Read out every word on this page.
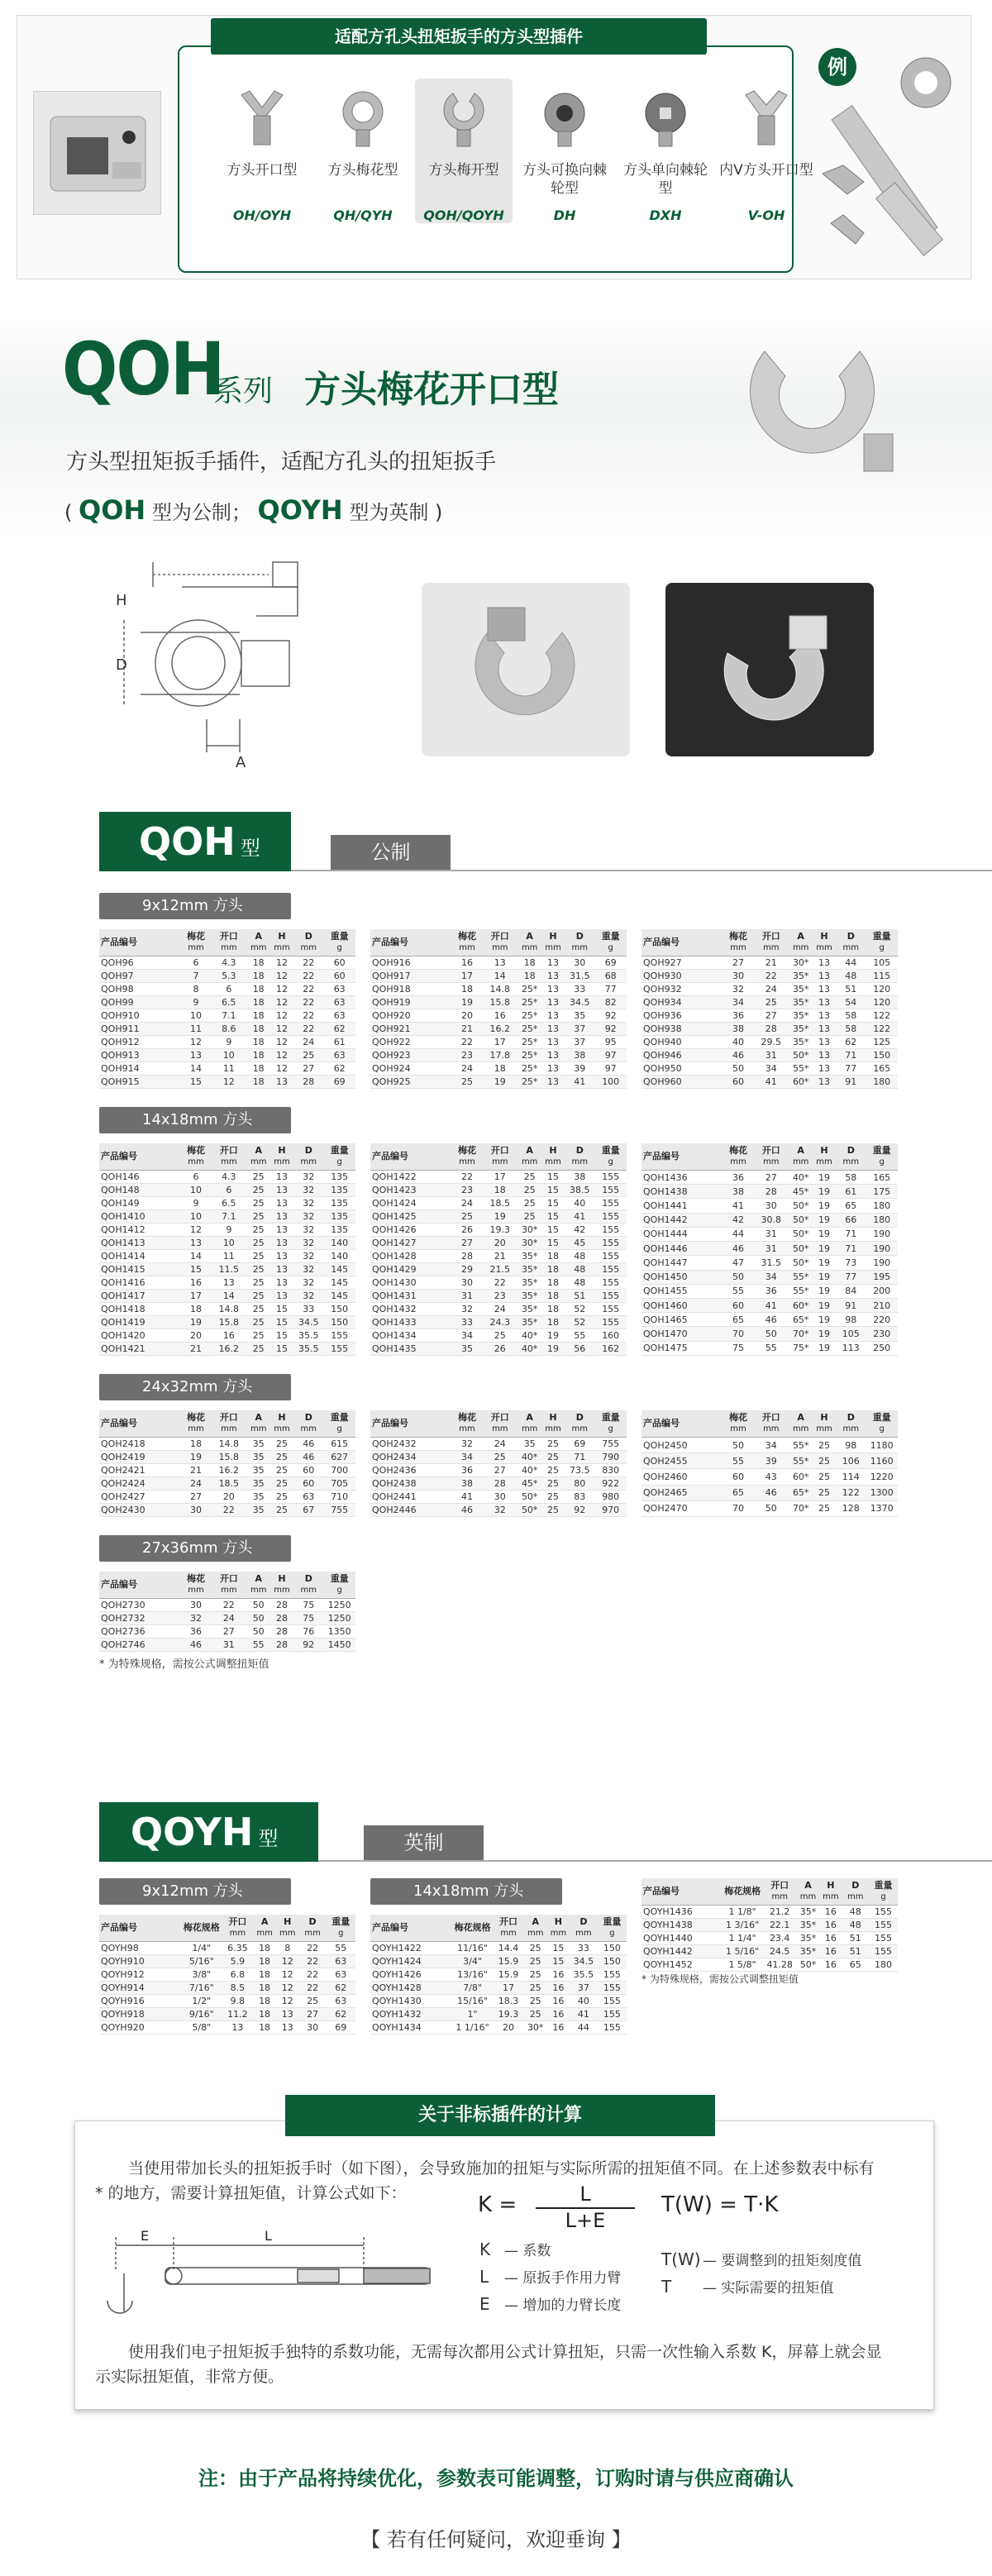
适配方孔头扭矩扳手的方头型插件
方头开口型
OH/OYH
方头梅花型
QH/QYH
方头梅开型
QOH/QOYH
方头可换向棘轮型
DH
方头单向棘轮型
DXH
内V方头开口型
V-OH
例
QOH
系列 方头梅花开口型
方头型扭矩扳手插件，适配方孔头的扭矩扳手
( QOH 型为公制； QOYH 型为英制 )
H
D
A
QOH 型	公制
9x12mm 方头
产品编号	梅花
mm	开口
mm	A
mm	H
mm	D
mm	重量
g

QOH96	6	4.3	18	12	22	60
QOH97	7	5.3	18	12	22	60
QOH98	8	6	18	12	22	63
QOH99	9	6.5	18	12	22	63
QOH910	10	7.1	18	12	22	63
QOH911	11	8.6	18	12	22	62
QOH912	12	9	18	12	24	61
QOH913	13	10	18	12	25	63
QOH914	14	11	18	12	27	62
QOH915	15	12	18	13	28	69
产品编号	梅花
mm	开口
mm	A
mm	H
mm	D
mm	重量
g

QOH916	16	13	18	13	30	69
QOH917	17	14	18	13	31.5	68
QOH918	18	14.8	25*	13	33	77
QOH919	19	15.8	25*	13	34.5	82
QOH920	20	16	25*	13	35	92
QOH921	21	16.2	25*	13	37	92
QOH922	22	17	25*	13	37	95
QOH923	23	17.8	25*	13	38	97
QOH924	24	18	25*	13	39	97
QOH925	25	19	25*	13	41	100
产品编号	梅花
mm	开口
mm	A
mm	H
mm	D
mm	重量
g

QOH927	27	21	30*	13	44	105
QOH930	30	22	35*	13	48	115
QOH932	32	24	35*	13	51	120
QOH934	34	25	35*	13	54	120
QOH936	36	27	35*	13	58	122
QOH938	38	28	35*	13	58	122
QOH940	40	29.5	35*	13	62	125
QOH946	46	31	50*	13	71	150
QOH950	50	34	55*	13	77	165
QOH960	60	41	60*	13	91	180
14x18mm 方头
产品编号	梅花
mm	开口
mm	A
mm	H
mm	D
mm	重量
g

QOH146	6	4.3	25	13	32	135
QOH148	10	6	25	13	32	135
QOH149	9	6.5	25	13	32	135
QOH1410	10	7.1	25	13	32	135
QOH1412	12	9	25	13	32	135
QOH1413	13	10	25	13	32	140
QOH1414	14	11	25	13	32	140
QOH1415	15	11.5	25	13	32	145
QOH1416	16	13	25	13	32	145
QOH1417	17	14	25	13	32	145
QOH1418	18	14.8	25	15	33	150
QOH1419	19	15.8	25	15	34.5	150
QOH1420	20	16	25	15	35.5	155
QOH1421	21	16.2	25	15	35.5	155
产品编号	梅花
mm	开口
mm	A
mm	H
mm	D
mm	重量
g

QOH1422	22	17	25	15	38	155
QOH1423	23	18	25	15	38.5	155
QOH1424	24	18.5	25	15	40	155
QOH1425	25	19	25	15	41	155
QOH1426	26	19.3	30*	15	42	155
QOH1427	27	20	30*	15	45	155
QOH1428	28	21	35*	18	48	155
QOH1429	29	21.5	35*	18	48	155
QOH1430	30	22	35*	18	48	155
QOH1431	31	23	35*	18	51	155
QOH1432	32	24	35*	18	52	155
QOH1433	33	24.3	35*	18	52	155
QOH1434	34	25	40*	19	55	160
QOH1435	35	26	40*	19	56	162
产品编号	梅花
mm	开口
mm	A
mm	H
mm	D
mm	重量
g

QOH1436	36	27	40*	19	58	165
QOH1438	38	28	45*	19	61	175
QOH1441	41	30	50*	19	65	180
QOH1442	42	30.8	50*	19	66	180
QOH1444	44	31	50*	19	71	190
QOH1446	46	31	50*	19	71	190
QOH1447	47	31.5	50*	19	73	190
QOH1450	50	34	55*	19	77	195
QOH1455	55	36	55*	19	84	200
QOH1460	60	41	60*	19	91	210
QOH1465	65	46	65*	19	98	220
QOH1470	70	50	70*	19	105	230
QOH1475	75	55	75*	19	113	250
24x32mm 方头
产品编号	梅花
mm	开口
mm	A
mm	H
mm	D
mm	重量
g

QOH2418	18	14.8	35	25	46	615
QOH2419	19	15.8	35	25	46	627
QOH2421	21	16.2	35	25	60	700
QOH2424	24	18.5	35	25	60	705
QOH2427	27	20	35	25	63	710
QOH2430	30	22	35	25	67	755
产品编号	梅花
mm	开口
mm	A
mm	H
mm	D
mm	重量
g

QOH2432	32	24	35	25	69	755
QOH2434	34	25	40*	25	71	790
QOH2436	36	27	40*	25	73.5	830
QOH2438	38	28	45*	25	80	922
QOH2441	41	30	50*	25	83	980
QOH2446	46	32	50*	25	92	970
产品编号	梅花
mm	开口
mm	A
mm	H
mm	D
mm	重量
g

QOH2450	50	34	55*	25	98	1180
QOH2455	55	39	55*	25	106	1160
QOH2460	60	43	60*	25	114	1220
QOH2465	65	46	65*	25	122	1300
QOH2470	70	50	70*	25	128	1370
27x36mm 方头
产品编号	梅花
mm	开口
mm	A
mm	H
mm	D
mm	重量
g

QOH2730	30	22	50	28	75	1250
QOH2732	32	24	50	28	75	1250
QOH2736	36	27	50	28	76	1350
QOH2746	46	31	55	28	92	1450
* 为特殊规格，需按公式调整扭矩值
QOYH 型	英制
9x12mm 方头
产品编号	梅花规格	开口
mm	A
mm	H
mm	D
mm	重量
g

QOYH98	1/4"	6.35	18	8	22	55
QOYH910	5/16"	5.9	18	12	22	63
QOYH912	3/8"	6.8	18	12	22	63
QOYH914	7/16"	8.5	18	12	22	62
QOYH916	1/2"	9.8	18	12	25	63
QOYH918	9/16"	11.2	18	13	27	62
QOYH920	5/8"	13	18	13	30	69
14x18mm 方头
产品编号	梅花规格	开口
mm	A
mm	H
mm	D
mm	重量
g

QOYH1422	11/16"	14.4	25	15	33	150
QOYH1424	3/4"	15.9	25	15	34.5	150
QOYH1426	13/16"	15.9	25	16	35.5	155
QOYH1428	7/8"	17	25	16	37	155
QOYH1430	15/16"	18.3	25	16	40	155
QOYH1432	1"	19.3	25	16	41	155
QOYH1434	1 1/16"	20	30*	16	44	155
产品编号	梅花规格	开口
mm	A
mm	H
mm	D
mm	重量
g

QOYH1436	1 1/8"	21.2	35*	16	48	155
QOYH1438	1 3/16"	22.1	35*	16	48	155
QOYH1440	1 1/4"	23.4	35*	16	51	155
QOYH1442	1 5/16"	24.5	35*	16	51	155
QOYH1452	1 5/8"	41.28	50*	16	65	180
* 为特殊规格，需按公式调整扭矩值
关于非标插件的计算
当使用带加长头的扭矩扳手时（如下图），会导致施加的扭矩与实际所需的扭矩值不同。在上述参数表中标有 * 的地方，需要计算扭矩值，计算公式如下：
E	L
K =	L
L+E
T(W) = T·K
K — 系数
L — 原扳手作用力臂
E — 增加的力臂长度
T(W) — 要调整到的扭矩刻度值
T — 实际需要的扭矩值
使用我们电子扭矩扳手独特的系数功能，无需每次都用公式计算扭矩，只需一次性输入系数 K，屏幕上就会显示实际扭矩值，非常方便。
注：由于产品将持续优化，参数表可能调整，订购时请与供应商确认
【 若有任何疑问，欢迎垂询 】
